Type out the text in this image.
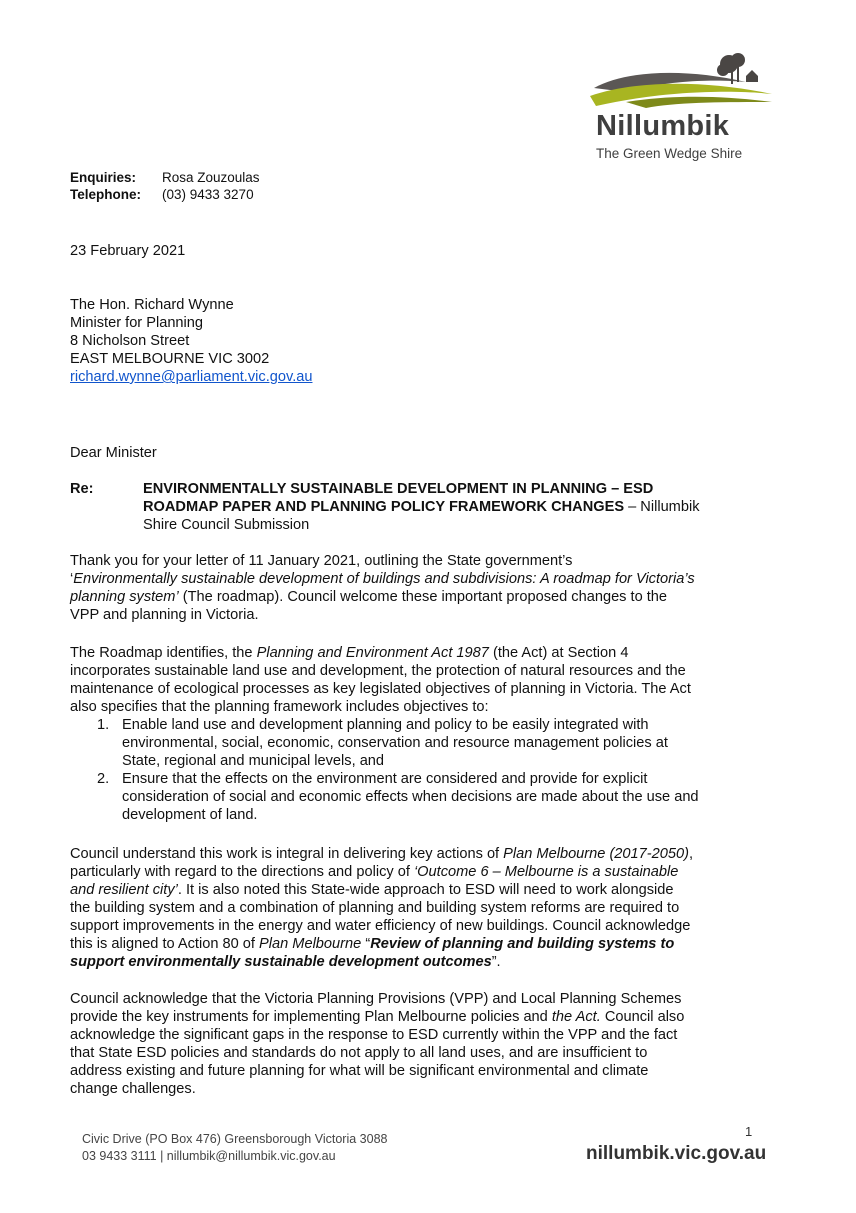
Nillumbik
The Green Wedge Shire
Enquiries: Rosa Zouzoulas
Telephone: (03) 9433 3270
23 February 2021
The Hon. Richard Wynne
Minister for Planning
8 Nicholson Street
EAST MELBOURNE VIC 3002
richard.wynne@parliament.vic.gov.au
Dear Minister
Re:	ENVIRONMENTALLY SUSTAINABLE DEVELOPMENT IN PLANNING – ESD
ROADMAP PAPER AND PLANNING POLICY FRAMEWORK CHANGES – Nillumbik
Shire Council Submission
Thank you for your letter of 11 January 2021, outlining the State government’s
‘Environmentally sustainable development of buildings and subdivisions: A roadmap for Victoria’s
planning system’ (The roadmap). Council welcome these important proposed changes to the
VPP and planning in Victoria.
The Roadmap identifies, the Planning and Environment Act 1987 (the Act) at Section 4
incorporates sustainable land use and development, the protection of natural resources and the
maintenance of ecological processes as key legislated objectives of planning in Victoria. The Act
also specifies that the planning framework includes objectives to:
1. Enable land use and development planning and policy to be easily integrated with
environmental, social, economic, conservation and resource management policies at
State, regional and municipal levels, and
2. Ensure that the effects on the environment are considered and provide for explicit
consideration of social and economic effects when decisions are made about the use and
development of land.
Council understand this work is integral in delivering key actions of Plan Melbourne (2017-2050),
particularly with regard to the directions and policy of ‘Outcome 6 – Melbourne is a sustainable
and resilient city’. It is also noted this State-wide approach to ESD will need to work alongside
the building system and a combination of planning and building system reforms are required to
support improvements in the energy and water efficiency of new buildings. Council acknowledge
this is aligned to Action 80 of Plan Melbourne “Review of planning and building systems to
support environmentally sustainable development outcomes”.
Council acknowledge that the Victoria Planning Provisions (VPP) and Local Planning Schemes
provide the key instruments for implementing Plan Melbourne policies and the Act. Council also
acknowledge the significant gaps in the response to ESD currently within the VPP and the fact
that State ESD policies and standards do not apply to all land uses, and are insufficient to
address existing and future planning for what will be significant environmental and climate
change challenges.
1
Civic Drive (PO Box 476) Greensborough Victoria 3088
03 9433 3111 | nillumbik@nillumbik.vic.gov.au	nillumbik.vic.gov.au
